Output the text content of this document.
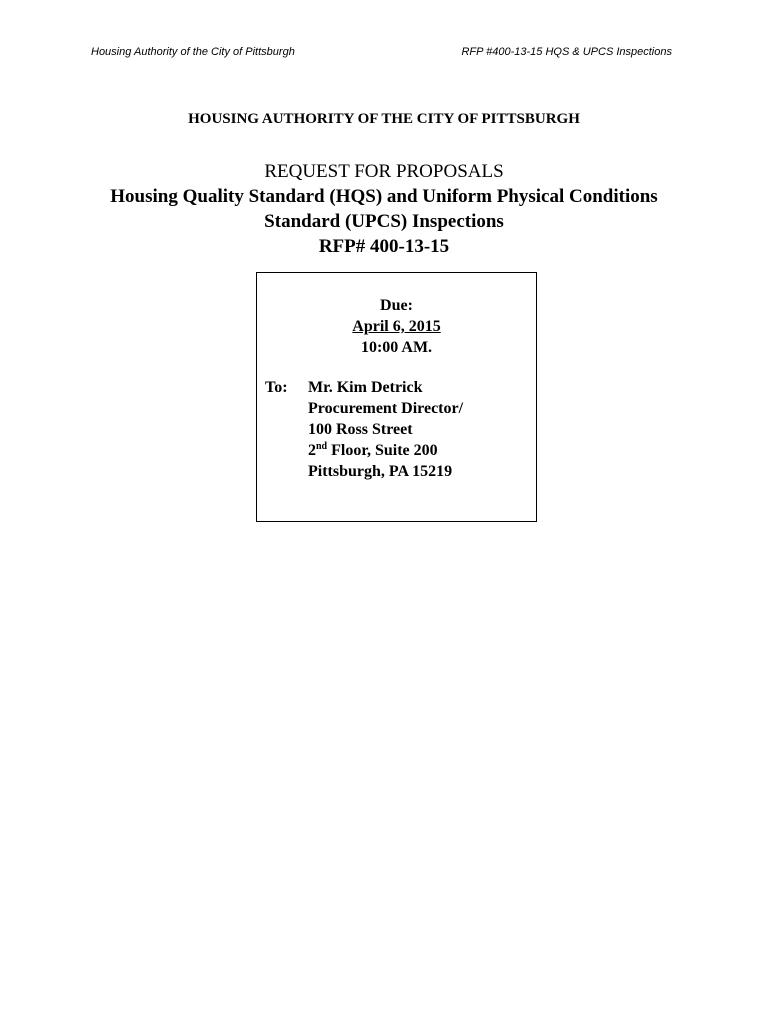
Housing Authority of the City of Pittsburgh	RFP #400-13-15 HQS & UPCS Inspections
HOUSING AUTHORITY OF THE CITY OF PITTSBURGH
REQUEST FOR PROPOSALS
Housing Quality Standard (HQS) and Uniform Physical Conditions
Standard (UPCS) Inspections
RFP# 400-13-15
Due:
April 6, 2015
10:00 AM.
To: Mr. Kim Detrick
Procurement Director/
100 Ross Street
2nd Floor, Suite 200
Pittsburgh, PA 15219
